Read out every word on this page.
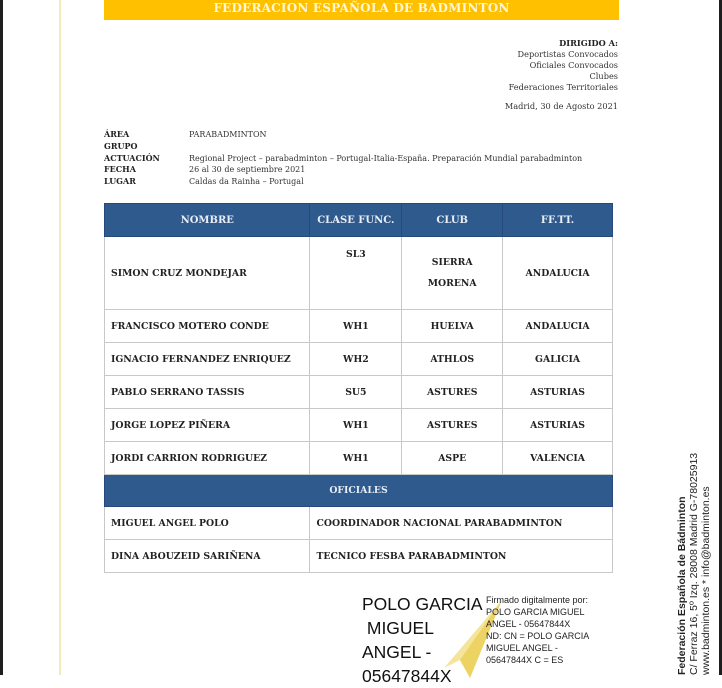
FEDERACION ESPAÑOLA DE BADMINTON
DIRIGIDO A:
Deportistas Convocados
Oficiales Convocados
Clubes
Federaciones Territoriales
Madrid, 30 de Agosto 2021
ÁREA	PARABADMINTON
GRUPO
ACTUACIÓN	Regional Project – parabadminton – Portugal-Italia-España. Preparación Mundial parabadminton
FECHA	26 al 30 de septiembre 2021
LUGAR	Caldas da Rainha – Portugal
NOMBRE	CLASE FUNC.	CLUB	FF.TT.
SIMON CRUZ MONDEJAR	SL3	SIERRA MORENA	ANDALUCIA
FRANCISCO MOTERO CONDE	WH1	HUELVA	ANDALUCIA
IGNACIO FERNANDEZ ENRIQUEZ	WH2	ATHLOS	GALICIA
PABLO SERRANO TASSIS	SU5	ASTURES	ASTURIAS
JORGE LOPEZ PIÑERA	WH1	ASTURES	ASTURIAS
JORDI CARRION RODRIGUEZ	WH1	ASPE	VALENCIA
OFICIALES			
MIGUEL ANGEL POLO	COORDINADOR NACIONAL PARABADMINTON		
DINA ABOUZEID SARIÑENA	TECNICO FESBA PARABADMINTON		
POLO GARCIA
MIGUEL
ANGEL -
05647844X
Firmado digitalmente por:
POLO GARCIA MIGUEL
ANGEL - 05647844X
ND: CN = POLO GARCIA
MIGUEL ANGEL -
05647844X C = ES	Federación Española de Bádminton C/ Ferraz 16, 5º Izq. 28008 Madrid G-78025913 www.badminton.es * info@badminton.es
